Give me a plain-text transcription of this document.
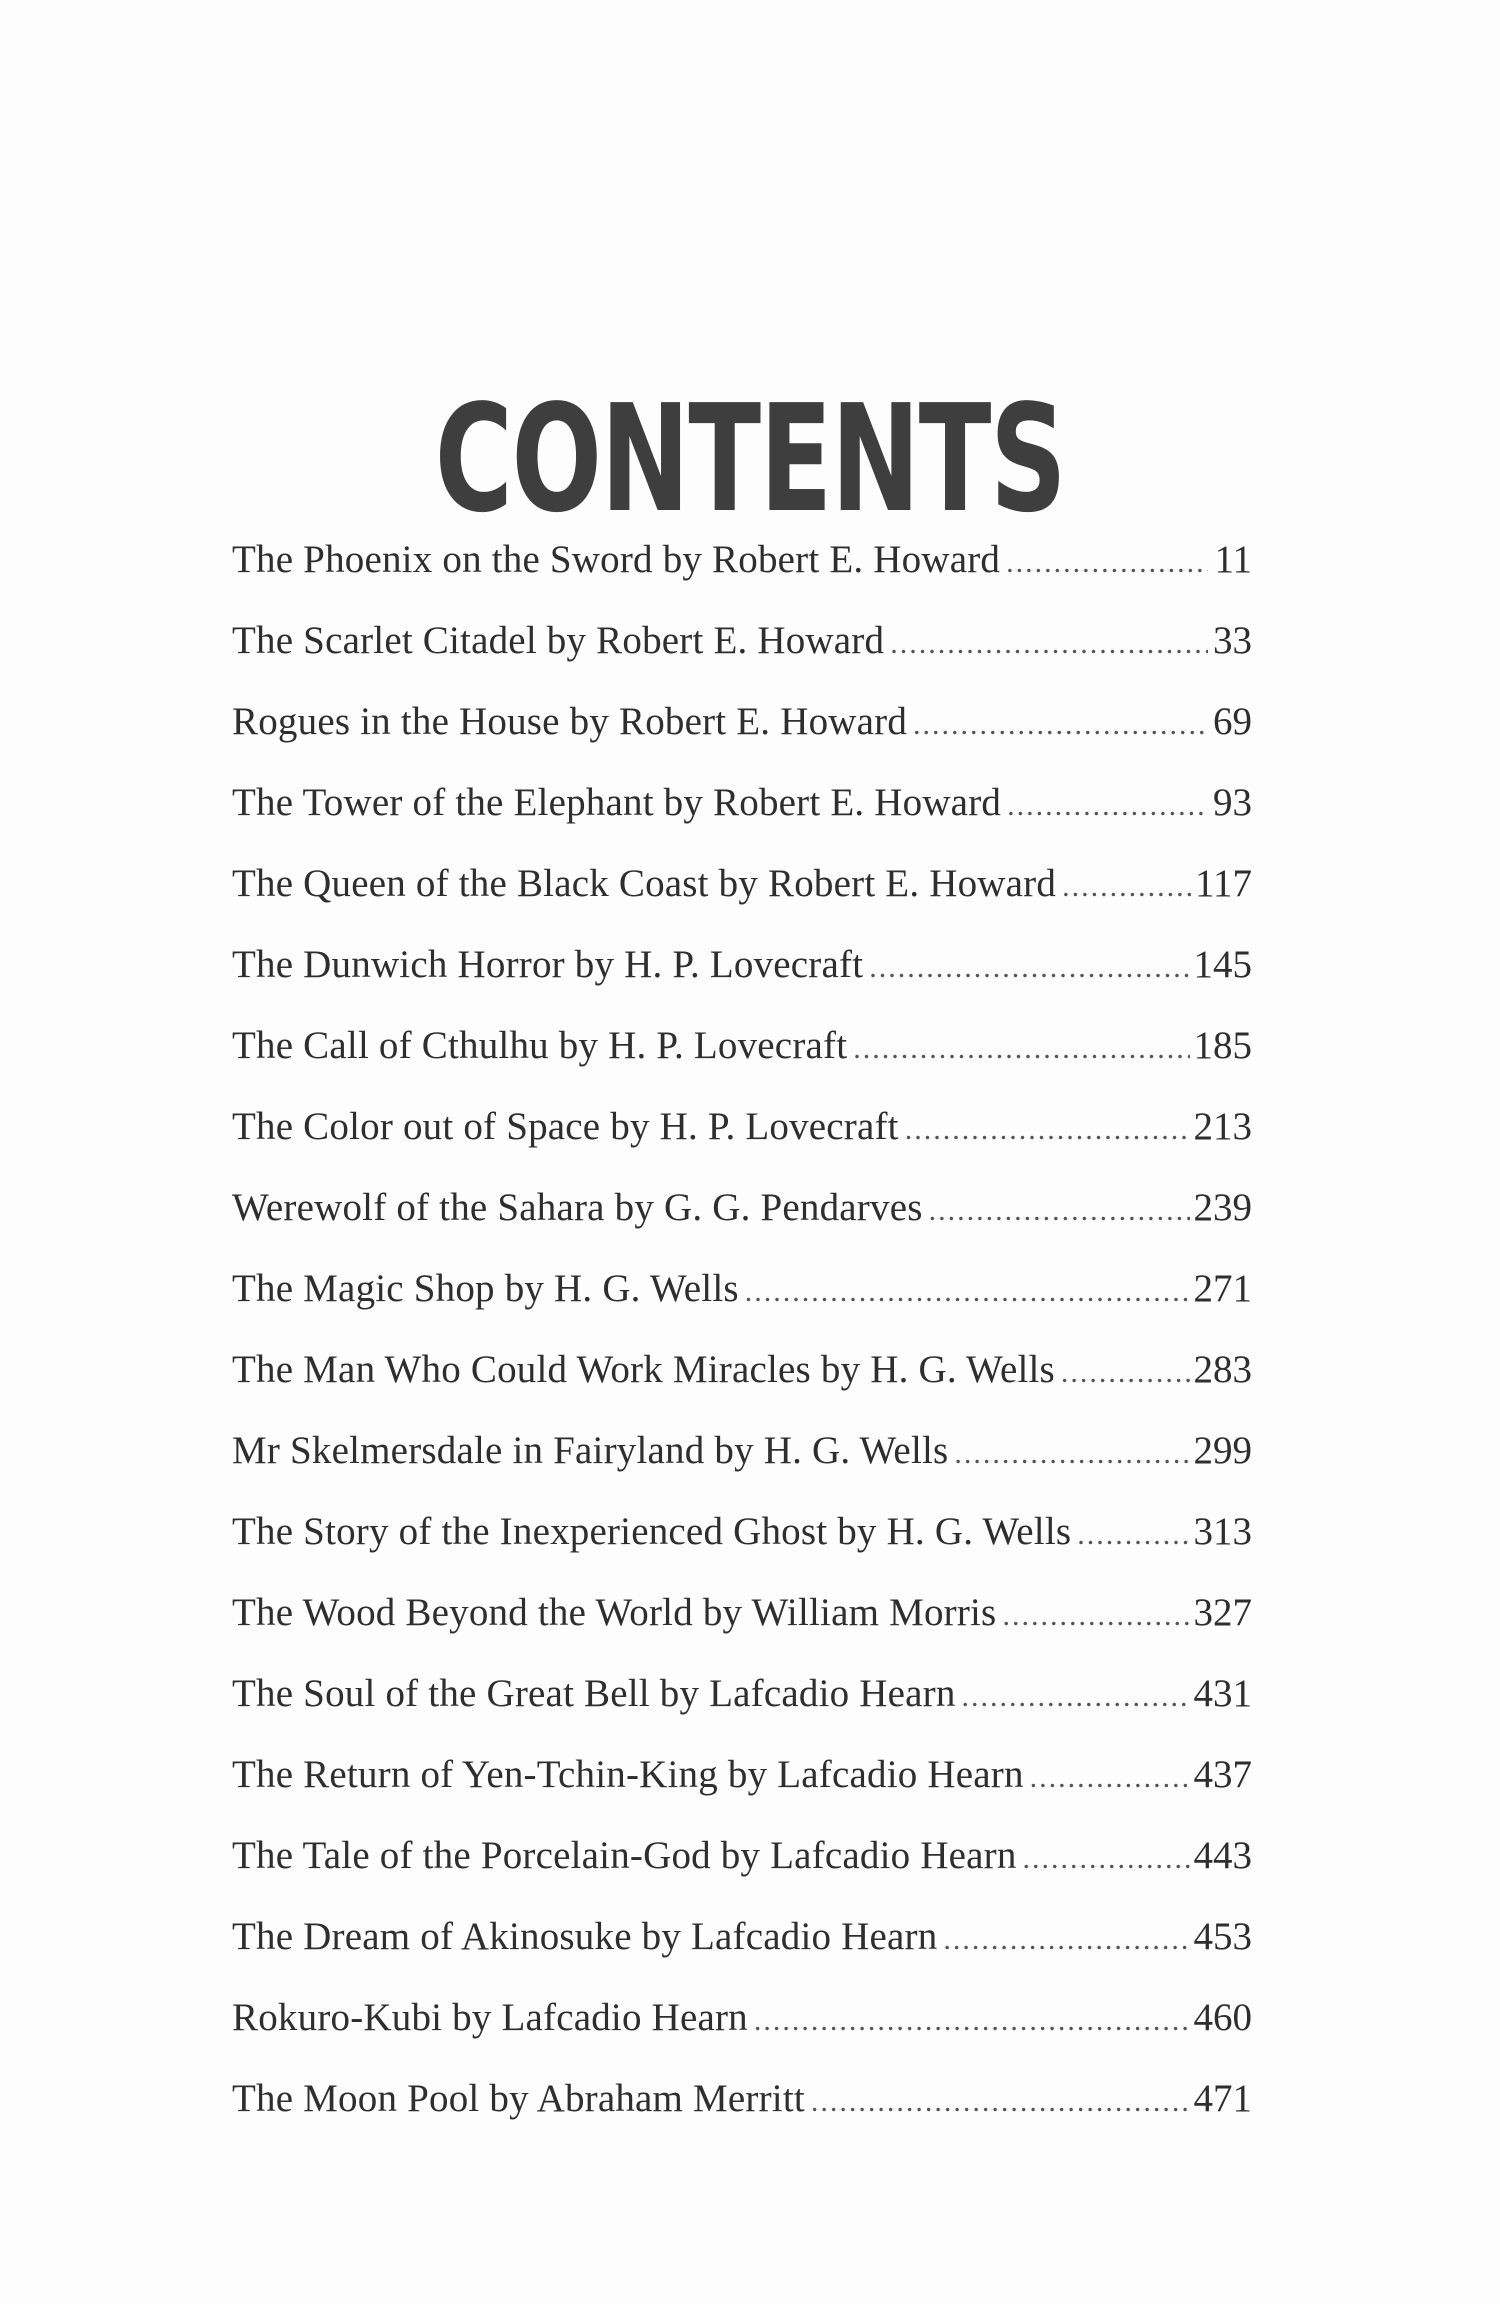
CONTENTS
The Phoenix on the Sword by Robert E. Howard .....	11
The Scarlet Citadel by Robert E. Howard .....	33
Rogues in the House by Robert E. Howard .....	69
The Tower of the Elephant by Robert E. Howard .....	93
The Queen of the Black Coast by Robert E. Howard .....	117
The Dunwich Horror by H. P. Lovecraft .....	145
The Call of Cthulhu by H. P. Lovecraft .....	185
The Color out of Space by H. P. Lovecraft .....	213
Werewolf of the Sahara by G. G. Pendarves .....	239
The Magic Shop by H. G. Wells .....	271
The Man Who Could Work Miracles by H. G. Wells .....	283
Mr Skelmersdale in Fairyland by H. G. Wells .....	299
The Story of the Inexperienced Ghost by H. G. Wells .....	313
The Wood Beyond the World by William Morris .....	327
The Soul of the Great Bell by Lafcadio Hearn .....	431
The Return of Yen-Tchin-King by Lafcadio Hearn .....	437
The Tale of the Porcelain-God by Lafcadio Hearn .....	443
The Dream of Akinosuke by Lafcadio Hearn .....	453
Rokuro-Kubi by Lafcadio Hearn .....	460
The Moon Pool by Abraham Merritt .....	471
